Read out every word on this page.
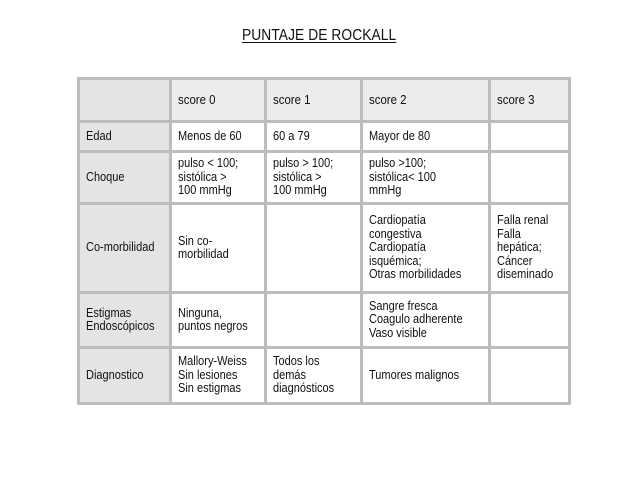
PUNTAJE DE ROCKALL
	score 0	score 1	score 2	score 3
Edad	Menos de 60	60 a 79	Mayor de 80	
Choque	pulso < 100;
sistólica >
100 mmHg	pulso > 100;
sistólica >
100 mmHg	pulso >100;
sistólica< 100
mmHg	
Co-morbilidad	Sin co-
morbilidad		Cardiopatía
congestiva
Cardiopatía
isquémica;
Otras morbilidades	Falla renal
Falla
hepática;
Cáncer
diseminado
Estigmas
Endoscópicos	Ninguna,
puntos negros		Sangre fresca
Coagulo adherente
Vaso visible	
Diagnostico	Mallory-Weiss
Sin lesiones
Sin estigmas	Todos los
demás
diagnósticos	Tumores malignos	
